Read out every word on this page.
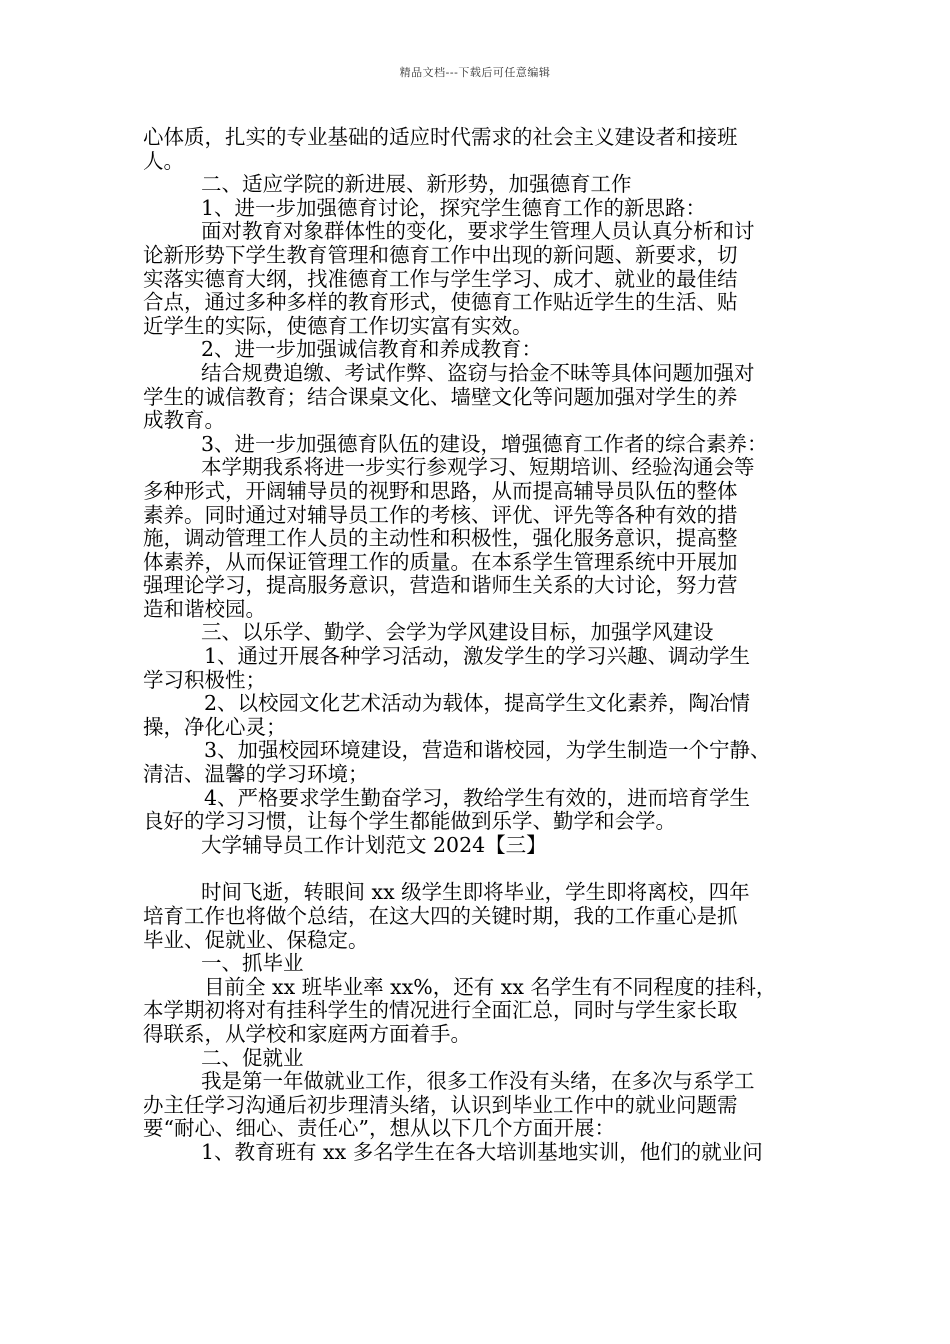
精品文档---下载后可任意编辑

心体质，扎实的专业基础的适应时代需求的社会主义建设者和接班

人。

二、适应学院的新进展、新形势，加强德育工作

1、进一步加强德育讨论，探究学生德育工作的新思路：

面对教育对象群体性的变化，要求学生管理人员认真分析和讨

论新形势下学生教育管理和德育工作中出现的新问题、新要求，切

实落实德育大纲，找准德育工作与学生学习、成才、就业的最佳结

合点，通过多种多样的教育形式，使德育工作贴近学生的生活、贴

近学生的实际，使德育工作切实富有实效。

2、进一步加强诚信教育和养成教育：

结合规费追缴、考试作弊、盗窃与拾金不昧等具体问题加强对

学生的诚信教育；结合课桌文化、墙壁文化等问题加强对学生的养

成教育。

3、进一步加强德育队伍的建设，增强德育工作者的综合素养：

本学期我系将进一步实行参观学习、短期培训、经验沟通会等

多种形式，开阔辅导员的视野和思路，从而提高辅导员队伍的整体

素养。同时通过对辅导员工作的考核、评优、评先等各种有效的措

施，调动管理工作人员的主动性和积极性，强化服务意识，提高整

体素养，从而保证管理工作的质量。在本系学生管理系统中开展加

强理论学习，提高服务意识，营造和谐师生关系的大讨论，努力营

造和谐校园。

三、以乐学、勤学、会学为学风建设目标，加强学风建设

1、通过开展各种学习活动，激发学生的学习兴趣、调动学生

学习积极性；

2、以校园文化艺术活动为载体，提高学生文化素养，陶冶情

操，净化心灵；

3、加强校园环境建设，营造和谐校园，为学生制造一个宁静、

清洁、温馨的学习环境；

4、严格要求学生勤奋学习，教给学生有效的，进而培育学生

良好的学习习惯，让每个学生都能做到乐学、勤学和会学。

大学辅导员工作计划范文 2024【三】

时间飞逝，转眼间 xx 级学生即将毕业，学生即将离校，四年

培育工作也将做个总结，在这大四的关键时期，我的工作重心是抓

毕业、促就业、保稳定。

一、抓毕业

目前全 xx 班毕业率 xx%，还有 xx 名学生有不同程度的挂科，

本学期初将对有挂科学生的情况进行全面汇总，同时与学生家长取

得联系，从学校和家庭两方面着手。

二、促就业

我是第一年做就业工作，很多工作没有头绪，在多次与系学工

办主任学习沟通后初步理清头绪，认识到毕业工作中的就业问题需

要“耐心、细心、责任心”，想从以下几个方面开展：

1、教育班有 xx 多名学生在各大培训基地实训，他们的就业问
